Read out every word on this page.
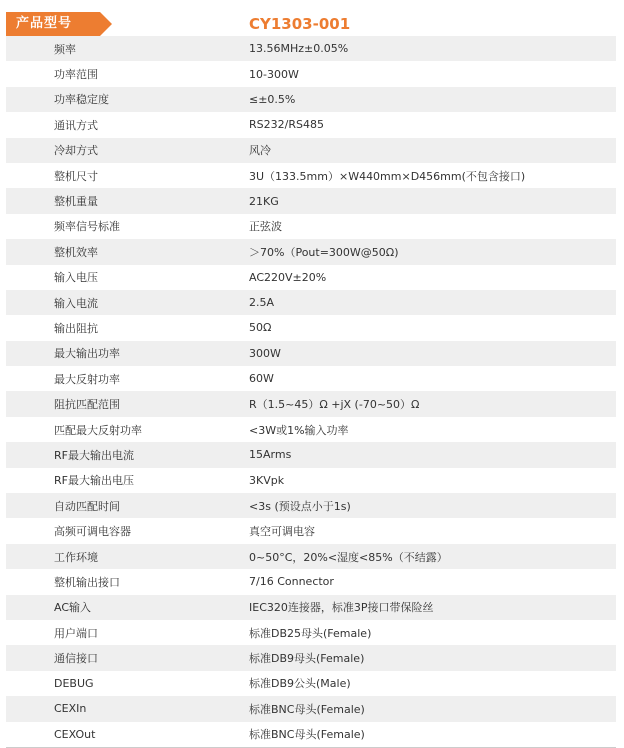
产品型号	CY1303-001
频率	13.56MHz±0.05%
功率范围	10-300W
功率稳定度	≤±0.5%
通讯方式	RS232/RS485
冷却方式	风冷
整机尺寸	3U（133.5mm）×W440mm×D456mm(不包含接口)
整机重量	21KG
频率信号标准	正弦波
整机效率	＞70%（Pout=300W@50Ω)
输入电压	AC220V±20%
输入电流	2.5A
输出阻抗	50Ω
最大输出功率	300W
最大反射功率	60W
阻抗匹配范围	R（1.5~45）Ω +jX (-70~50）Ω
匹配最大反射功率	<3W或1%输入功率
RF最大输出电流	15Arms
RF最大输出电压	3KVpk
自动匹配时间	<3s (预设点小于1s)
高频可调电容器	真空可调电容
工作环境	0~50°C，20%<湿度<85%（不结露）
整机输出接口	7/16 Connector
AC输入	IEC320连接器，标准3P接口带保险丝
用户端口	标准DB25母头(Female)
通信接口	标准DB9母头(Female)
DEBUG	标准DB9公头(Male)
CEXIn	标准BNC母头(Female)
CEXOut	标准BNC母头(Female)
